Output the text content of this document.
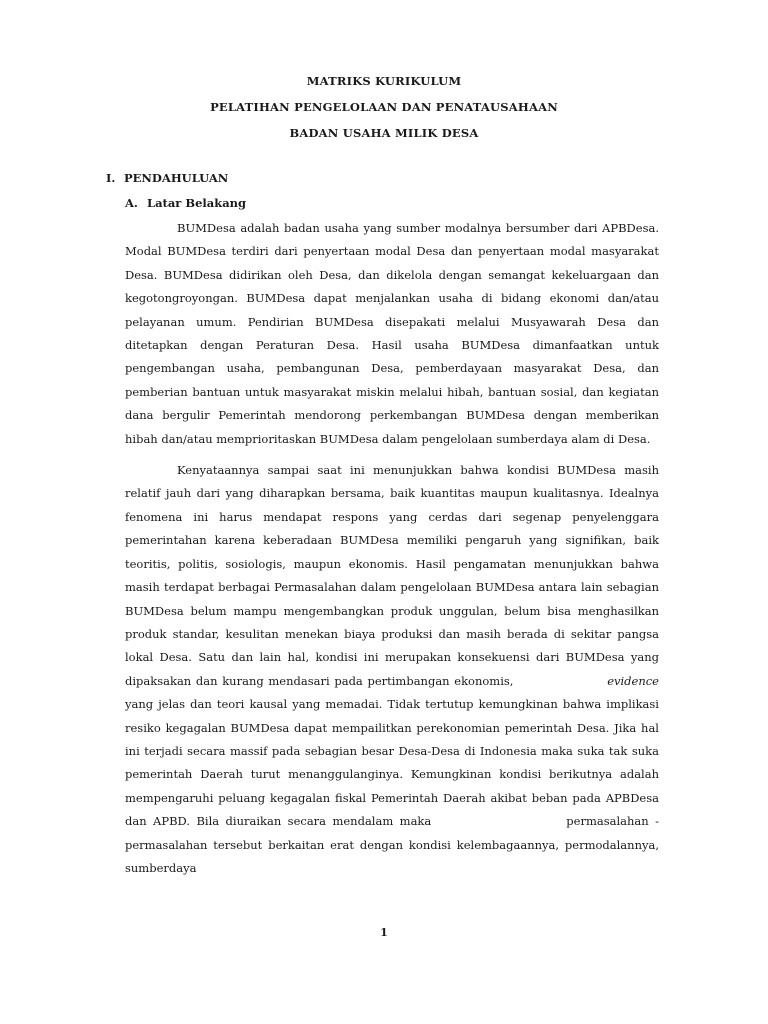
MATRIKS KURIKULUM
PELATIHAN PENGELOLAAN DAN PENATAUSAHAAN
BADAN USAHA MILIK DESA
I. PENDAHULUAN
A. Latar Belakang

BUMDesa adalah badan usaha yang sumber modalnya bersumber dari APBDesa. Modal BUMDesa terdiri dari penyertaan modal Desa dan penyertaan modal masyarakat Desa. BUMDesa didirikan oleh Desa, dan dikelola dengan semangat kekeluargaan dan kegotongroyongan. BUMDesa dapat menjalankan usaha di bidang ekonomi dan/atau pelayanan umum. Pendirian BUMDesa disepakati melalui Musyawarah Desa dan ditetapkan dengan Peraturan Desa. Hasil usaha BUMDesa dimanfaatkan untuk pengembangan usaha, pembangunan Desa, pemberdayaan masyarakat Desa, dan pemberian bantuan untuk masyarakat miskin melalui hibah, bantuan sosial, dan kegiatan dana bergulir Pemerintah mendorong perkembangan BUMDesa dengan memberikan hibah dan/atau memprioritaskan BUMDesa dalam pengelolaan sumberdaya alam di Desa.

Kenyataannya sampai saat ini menunjukkan bahwa kondisi BUMDesa masih relatif jauh dari yang diharapkan bersama, baik kuantitas maupun kualitasnya. Idealnya fenomena ini harus mendapat respons yang cerdas dari segenap penyelenggara pemerintahan karena keberadaan BUMDesa memiliki pengaruh yang signifikan, baik teoritis, politis, sosiologis, maupun ekonomis. Hasil pengamatan menunjukkan bahwa masih terdapat berbagai Permasalahan dalam pengelolaan BUMDesa antara lain sebagian BUMDesa belum mampu mengembangkan produk unggulan, belum bisa menghasilkan produk standar, kesulitan menekan biaya produksi dan masih berada di sekitar pangsa lokal Desa. Satu dan lain hal, kondisi ini merupakan konsekuensi dari BUMDesa yang dipaksakan dan kurang mendasari pada pertimbangan ekonomis,	evidence yang jelas dan teori kausal yang memadai. Tidak tertutup kemungkinan bahwa implikasi resiko kegagalan BUMDesa dapat mempailitkan perekonomian pemerintah Desa. Jika hal ini terjadi secara massif pada sebagian besar Desa-Desa di Indonesia maka suka tak suka pemerintah Daerah turut menanggulanginya. Kemungkinan kondisi berikutnya adalah mempengaruhi peluang kegagalan fiskal Pemerintah Daerah akibat beban pada APBDesa dan APBD. Bila diuraikan secara mendalam maka	permasalahan - permasalahan tersebut berkaitan erat dengan kondisi kelembagaannya, permodalannya, sumberdaya

1
